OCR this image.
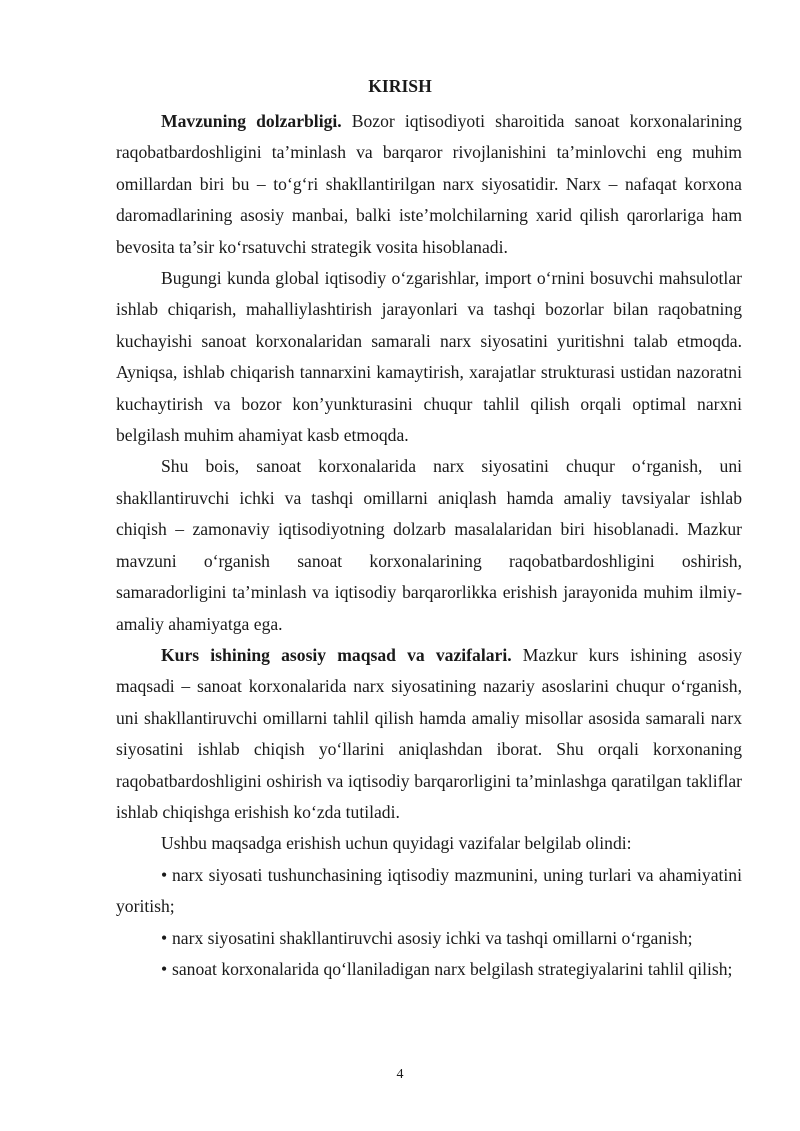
KIRISH

Mavzuning dolzarbligi. Bozor iqtisodiyoti sharoitida sanoat korxonalarining raqobatbardoshligini ta’minlash va barqaror rivojlanishini ta’minlovchi eng muhim omillardan biri bu – to‘g‘ri shakllantirilgan narx siyosatidir. Narx – nafaqat korxona daromadlarining asosiy manbai, balki iste’molchilarning xarid qilish qarorlariga ham bevosita ta’sir ko‘rsatuvchi strategik vosita hisoblanadi.

Bugungi kunda global iqtisodiy o‘zgarishlar, import o‘rnini bosuvchi mahsulotlar ishlab chiqarish, mahalliylashtirish jarayonlari va tashqi bozorlar bilan raqobatning kuchayishi sanoat korxonalaridan samarali narx siyosatini yuritishni talab etmoqda. Ayniqsa, ishlab chiqarish tannarxini kamaytirish, xarajatlar strukturasi ustidan nazoratni kuchaytirish va bozor kon’yunkturasini chuqur tahlil qilish orqali optimal narxni belgilash muhim ahamiyat kasb etmoqda.

Shu bois, sanoat korxonalarida narx siyosatini chuqur o‘rganish, uni shakllantiruvchi ichki va tashqi omillarni aniqlash hamda amaliy tavsiyalar ishlab chiqish – zamonaviy iqtisodiyotning dolzarb masalalaridan biri hisoblanadi. Mazkur mavzuni o‘rganish sanoat korxonalarining raqobatbardoshligini oshirish, samaradorligini ta’minlash va iqtisodiy barqarorlikka erishish jarayonida muhim ilmiy-amaliy ahamiyatga ega.

Kurs ishining asosiy maqsad va vazifalari. Mazkur kurs ishining asosiy maqsadi – sanoat korxonalarida narx siyosatining nazariy asoslarini chuqur o‘rganish, uni shakllantiruvchi omillarni tahlil qilish hamda amaliy misollar asosida samarali narx siyosatini ishlab chiqish yo‘llarini aniqlashdan iborat. Shu orqali korxonaning raqobatbardoshligini oshirish va iqtisodiy barqarorligini ta’minlashga qaratilgan takliflar ishlab chiqishga erishish ko‘zda tutiladi.

Ushbu maqsadga erishish uchun quyidagi vazifalar belgilab olindi:

• narx siyosati tushunchasining iqtisodiy mazmunini, uning turlari va ahamiyatini yoritish;

• narx siyosatini shakllantiruvchi asosiy ichki va tashqi omillarni o‘rganish;

• sanoat korxonalarida qo‘llaniladigan narx belgilash strategiyalarini tahlil qilish;

4
